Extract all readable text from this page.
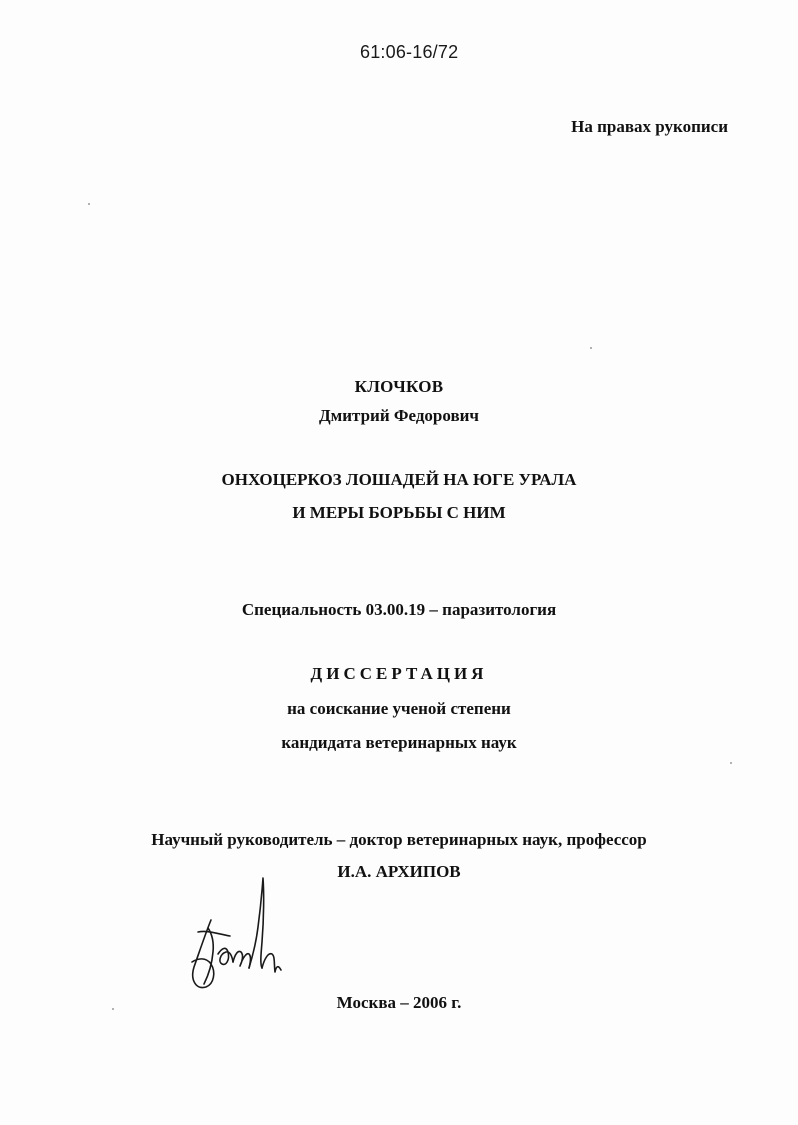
61:06-16/72
На правах рукописи
КЛОЧКОВ
Дмитрий Федорович
ОНХОЦЕРКОЗ ЛОШАДЕЙ НА ЮГЕ УРАЛА
И МЕРЫ БОРЬБЫ С НИМ
Специальность 03.00.19 – паразитология
ДИССЕРТАЦИЯ
на соискание ученой степени
кандидата ветеринарных наук
Научный руководитель – доктор ветеринарных наук, профессор
И.А. АРХИПОВ
Москва – 2006 г.
